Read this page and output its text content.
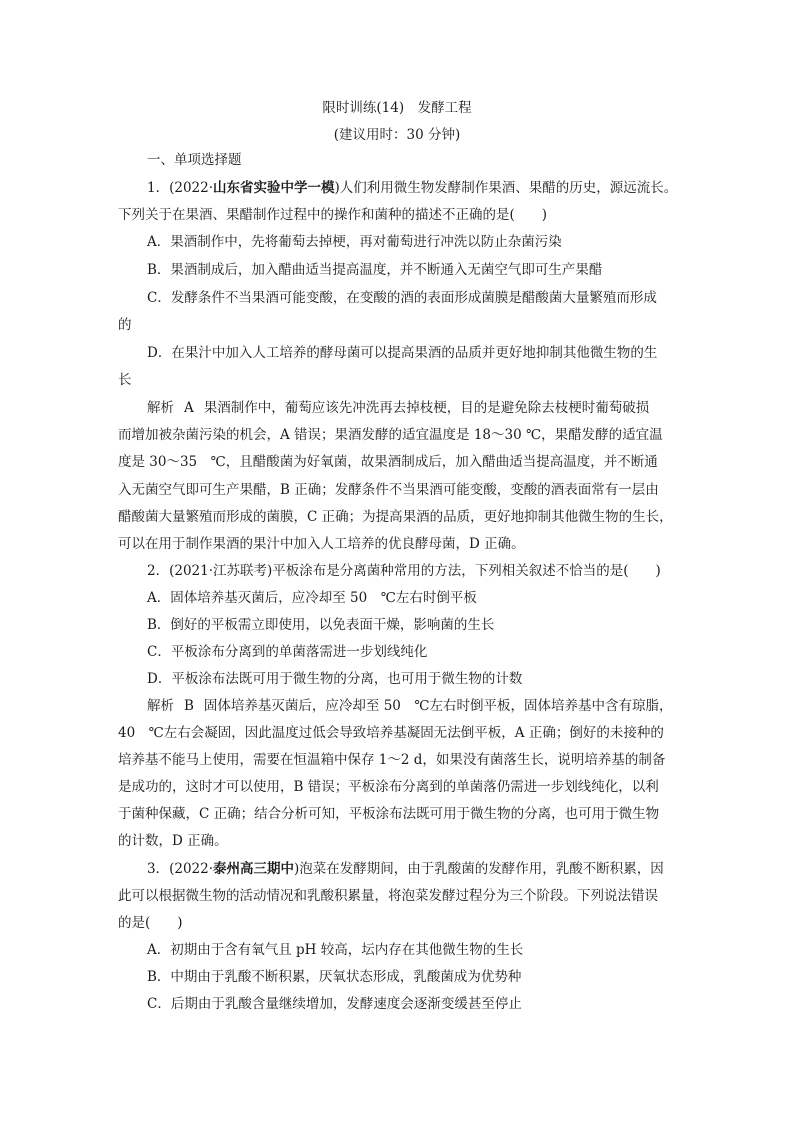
限时训练(14)　发酵工程
(建议用时：30 分钟)
一、单项选择题
1．(2022·山东省实验中学一模)人们利用微生物发酵制作果酒、果醋的历史，源远流长。
下列关于在果酒、果醋制作过程中的操作和菌种的描述不正确的是(　　)
A．果酒制作中，先将葡萄去掉梗，再对葡萄进行冲洗以防止杂菌污染
B．果酒制成后，加入醋曲适当提高温度，并不断通入无菌空气即可生产果醋
C．发酵条件不当果酒可能变酸，在变酸的酒的表面形成菌膜是醋酸菌大量繁殖而形成
的
D．在果汁中加入人工培养的酵母菌可以提高果酒的品质并更好地抑制其他微生物的生
长
解析 A 果酒制作中，葡萄应该先冲洗再去掉枝梗，目的是避免除去枝梗时葡萄破损
而增加被杂菌污染的机会，A 错误；果酒发酵的适宜温度是 18～30 ℃，果醋发酵的适宜温
度是 30～35　℃，且醋酸菌为好氧菌，故果酒制成后，加入醋曲适当提高温度，并不断通
入无菌空气即可生产果醋，B 正确；发酵条件不当果酒可能变酸，变酸的酒表面常有一层由
醋酸菌大量繁殖而形成的菌膜，C 正确；为提高果酒的品质，更好地抑制其他微生物的生长，
可以在用于制作果酒的果汁中加入人工培养的优良酵母菌，D 正确。
2．(2021·江苏联考)平板涂布是分离菌种常用的方法，下列相关叙述不恰当的是(　　)
A．固体培养基灭菌后，应冷却至 50　℃左右时倒平板
B．倒好的平板需立即使用，以免表面干燥，影响菌的生长
C．平板涂布分离到的单菌落需进一步划线纯化
D．平板涂布法既可用于微生物的分离，也可用于微生物的计数
解析 B 固体培养基灭菌后，应冷却至 50　℃左右时倒平板，固体培养基中含有琼脂，
40　℃左右会凝固，因此温度过低会导致培养基凝固无法倒平板，A 正确；倒好的未接种的
培养基不能马上使用，需要在恒温箱中保存 1～2 d，如果没有菌落生长，说明培养基的制备
是成功的，这时才可以使用，B 错误；平板涂布分离到的单菌落仍需进一步划线纯化，以利
于菌种保藏，C 正确；结合分析可知，平板涂布法既可用于微生物的分离，也可用于微生物
的计数，D 正确。
3．(2022·泰州高三期中)泡菜在发酵期间，由于乳酸菌的发酵作用，乳酸不断积累，因
此可以根据微生物的活动情况和乳酸积累量，将泡菜发酵过程分为三个阶段。下列说法错误
的是(　　)
A．初期由于含有氧气且 pH 较高，坛内存在其他微生物的生长
B．中期由于乳酸不断积累，厌氧状态形成，乳酸菌成为优势种
C．后期由于乳酸含量继续增加，发酵速度会逐渐变缓甚至停止
